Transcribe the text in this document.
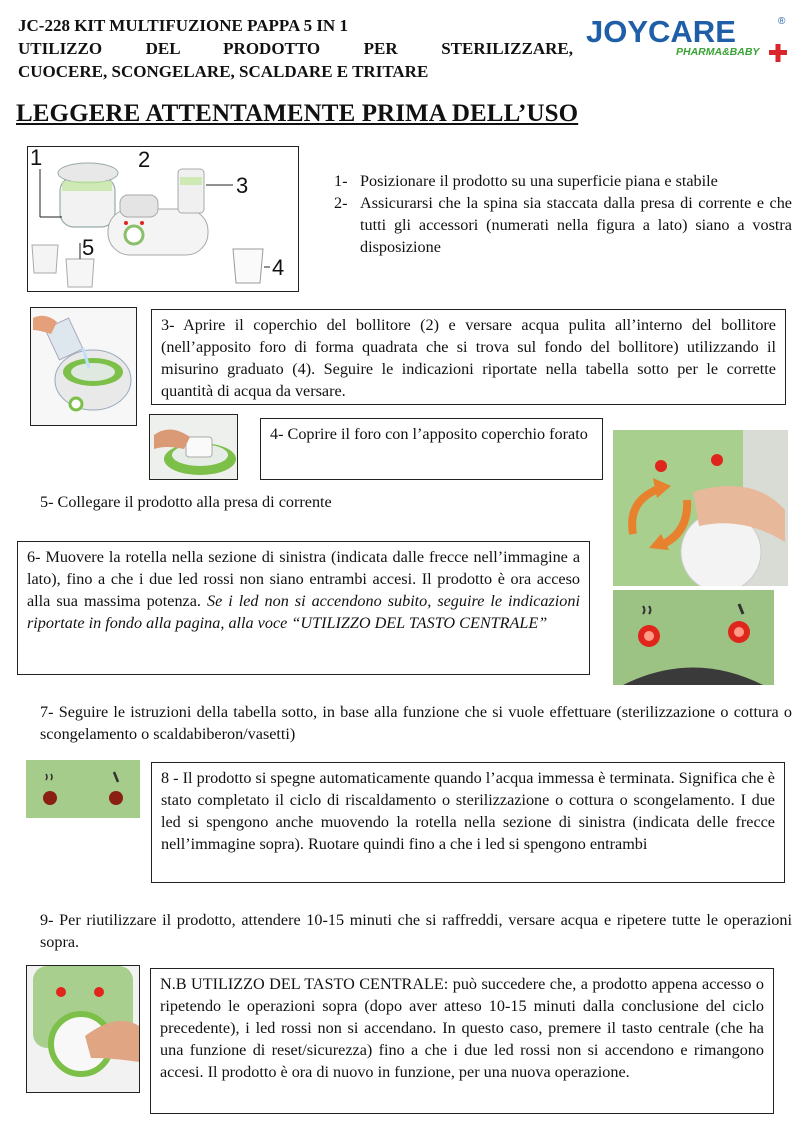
JC-228 KIT MULTIFUZIONE PAPPA 5 IN 1
UTILIZZO DEL PRODOTTO PER STERILIZZARE,
CUOCERE, SCONGELARE, SCALDARE E TRITARE
JOYCARE	®
PHARMA&BABY
LEGGERE ATTENTAMENTE PRIMA DELL’USO
1	2
3
4
5
1- Posizionare il prodotto su una superficie piana e stabile
2- Assicurarsi che la spina sia staccata dalla presa di corrente e che tutti gli accessori (numerati nella figura a lato) siano a vostra disposizione
3- Aprire il coperchio del bollitore (2) e versare acqua pulita all’interno del bollitore (nell’apposito foro di forma quadrata che si trova sul fondo del bollitore) utilizzando il misurino graduato (4). Seguire le indicazioni riportate nella tabella sotto per le corrette quantità di acqua da versare.
4- Coprire il foro con l’apposito coperchio forato
5- Collegare il prodotto alla presa di corrente
6- Muovere la rotella nella sezione di sinistra (indicata dalle frecce nell’immagine a lato), fino a che i due led rossi non siano entrambi accesi. Il prodotto è ora acceso alla sua massima potenza. Se i led non si accendono subito, seguire le indicazioni riportate in fondo alla pagina, alla voce “UTILIZZO DEL TASTO CENTRALE”
7- Seguire le istruzioni della tabella sotto, in base alla funzione che si vuole effettuare (sterilizzazione o cottura o scongelamento o scaldabiberon/vasetti)
8 - Il prodotto si spegne automaticamente quando l’acqua immessa è terminata. Significa che è stato completato il ciclo di riscaldamento o sterilizzazione o cottura o scongelamento. I due led si spengono anche muovendo la rotella nella sezione di sinistra (indicata delle frecce nell’immagine sopra). Ruotare quindi fino a che i led si spengono entrambi
9- Per riutilizzare il prodotto, attendere 10-15 minuti che si raffreddi, versare acqua e ripetere tutte le operazioni sopra.
N.B UTILIZZO DEL TASTO CENTRALE: può succedere che, a prodotto appena accesso o ripetendo le operazioni sopra (dopo aver atteso 10-15 minuti dalla conclusione del ciclo precedente), i led rossi non si accendano. In questo caso, premere il tasto centrale (che ha una funzione di reset/sicurezza) fino a che i due led rossi non si accendono e rimangono accesi. Il prodotto è ora di nuovo in funzione, per una nuova operazione.
